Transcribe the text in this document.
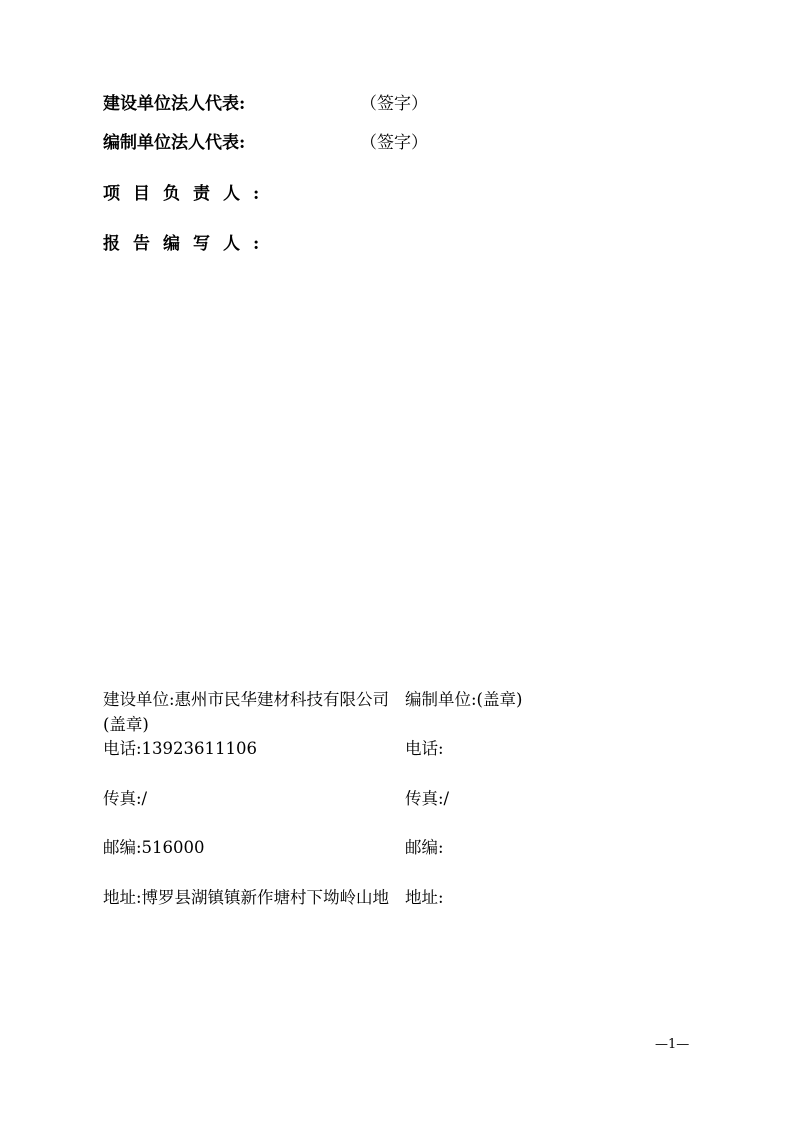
建设单位法人代表:	（签字）
编制单位法人代表:	（签字）
项目负责人:
报告编写人:
建设单位:惠州市民华建材科技有限公司(盖章)
电话:13923611106
传真:/
邮编:516000
地址:博罗县湖镇镇新作塘村下坳岭山地
编制单位:(盖章)
电话:
传真:/
邮编:
地址:
—1—
